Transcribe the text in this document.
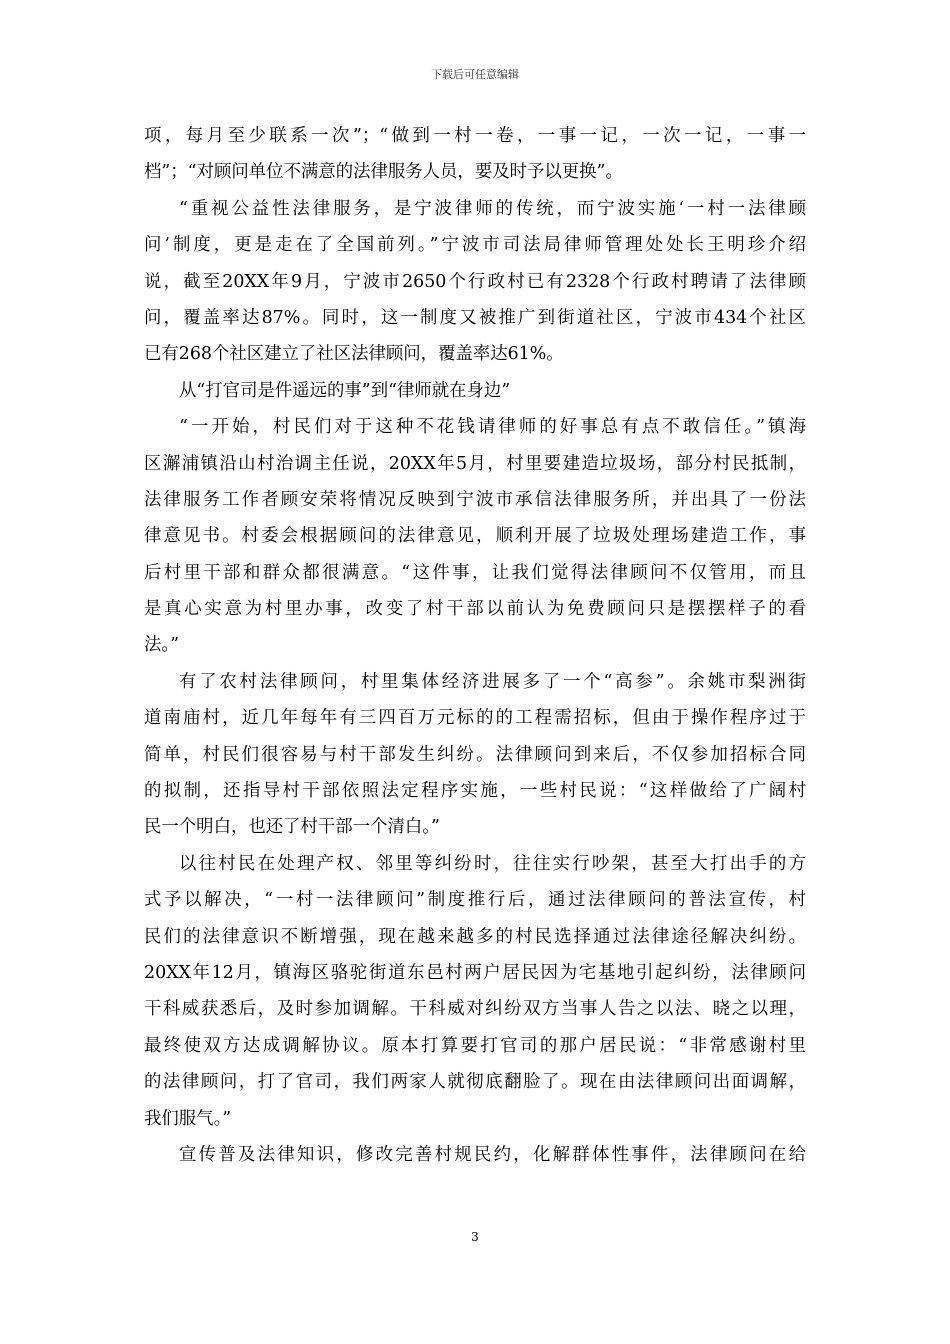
下载后可任意编辑
项，每月至少联系一次”；“做到一村一卷，一事一记，一次一记，一事一
档”；“对顾问单位不满意的法律服务人员，要及时予以更换”。
“重视公益性法律服务，是宁波律师的传统，而宁波实施‘一村一法律顾
问’制度，更是走在了全国前列。”宁波市司法局律师管理处处长王明珍介绍
说，截至20XX年9月，宁波市2650个行政村已有2328个行政村聘请了法律顾
问，覆盖率达87%。同时，这一制度又被推广到街道社区，宁波市434个社区
已有268个社区建立了社区法律顾问，覆盖率达61%。
从“打官司是件遥远的事”到“律师就在身边”
“一开始，村民们对于这种不花钱请律师的好事总有点不敢信任。”镇海
区澥浦镇沿山村治调主任说，20XX年5月，村里要建造垃圾场，部分村民抵制，
法律服务工作者顾安荣将情况反映到宁波市承信法律服务所，并出具了一份法
律意见书。村委会根据顾问的法律意见，顺利开展了垃圾处理场建造工作，事
后村里干部和群众都很满意。“这件事，让我们觉得法律顾问不仅管用，而且
是真心实意为村里办事，改变了村干部以前认为免费顾问只是摆摆样子的看
法。”
有了农村法律顾问，村里集体经济进展多了一个“高参”。余姚市梨洲街
道南庙村，近几年每年有三四百万元标的的工程需招标，但由于操作程序过于
简单，村民们很容易与村干部发生纠纷。法律顾问到来后，不仅参加招标合同
的拟制，还指导村干部依照法定程序实施，一些村民说：“这样做给了广阔村
民一个明白，也还了村干部一个清白。”
以往村民在处理产权、邻里等纠纷时，往往实行吵架，甚至大打出手的方
式予以解决，“一村一法律顾问”制度推行后，通过法律顾问的普法宣传，村
民们的法律意识不断增强，现在越来越多的村民选择通过法律途径解决纠纷。
20XX年12月，镇海区骆驼街道东邑村两户居民因为宅基地引起纠纷，法律顾问
干科威获悉后，及时参加调解。干科威对纠纷双方当事人告之以法、晓之以理，
最终使双方达成调解协议。原本打算要打官司的那户居民说：“非常感谢村里
的法律顾问，打了官司，我们两家人就彻底翻脸了。现在由法律顾问出面调解，
我们服气。”
宣传普及法律知识，修改完善村规民约，化解群体性事件，法律顾问在给
3
